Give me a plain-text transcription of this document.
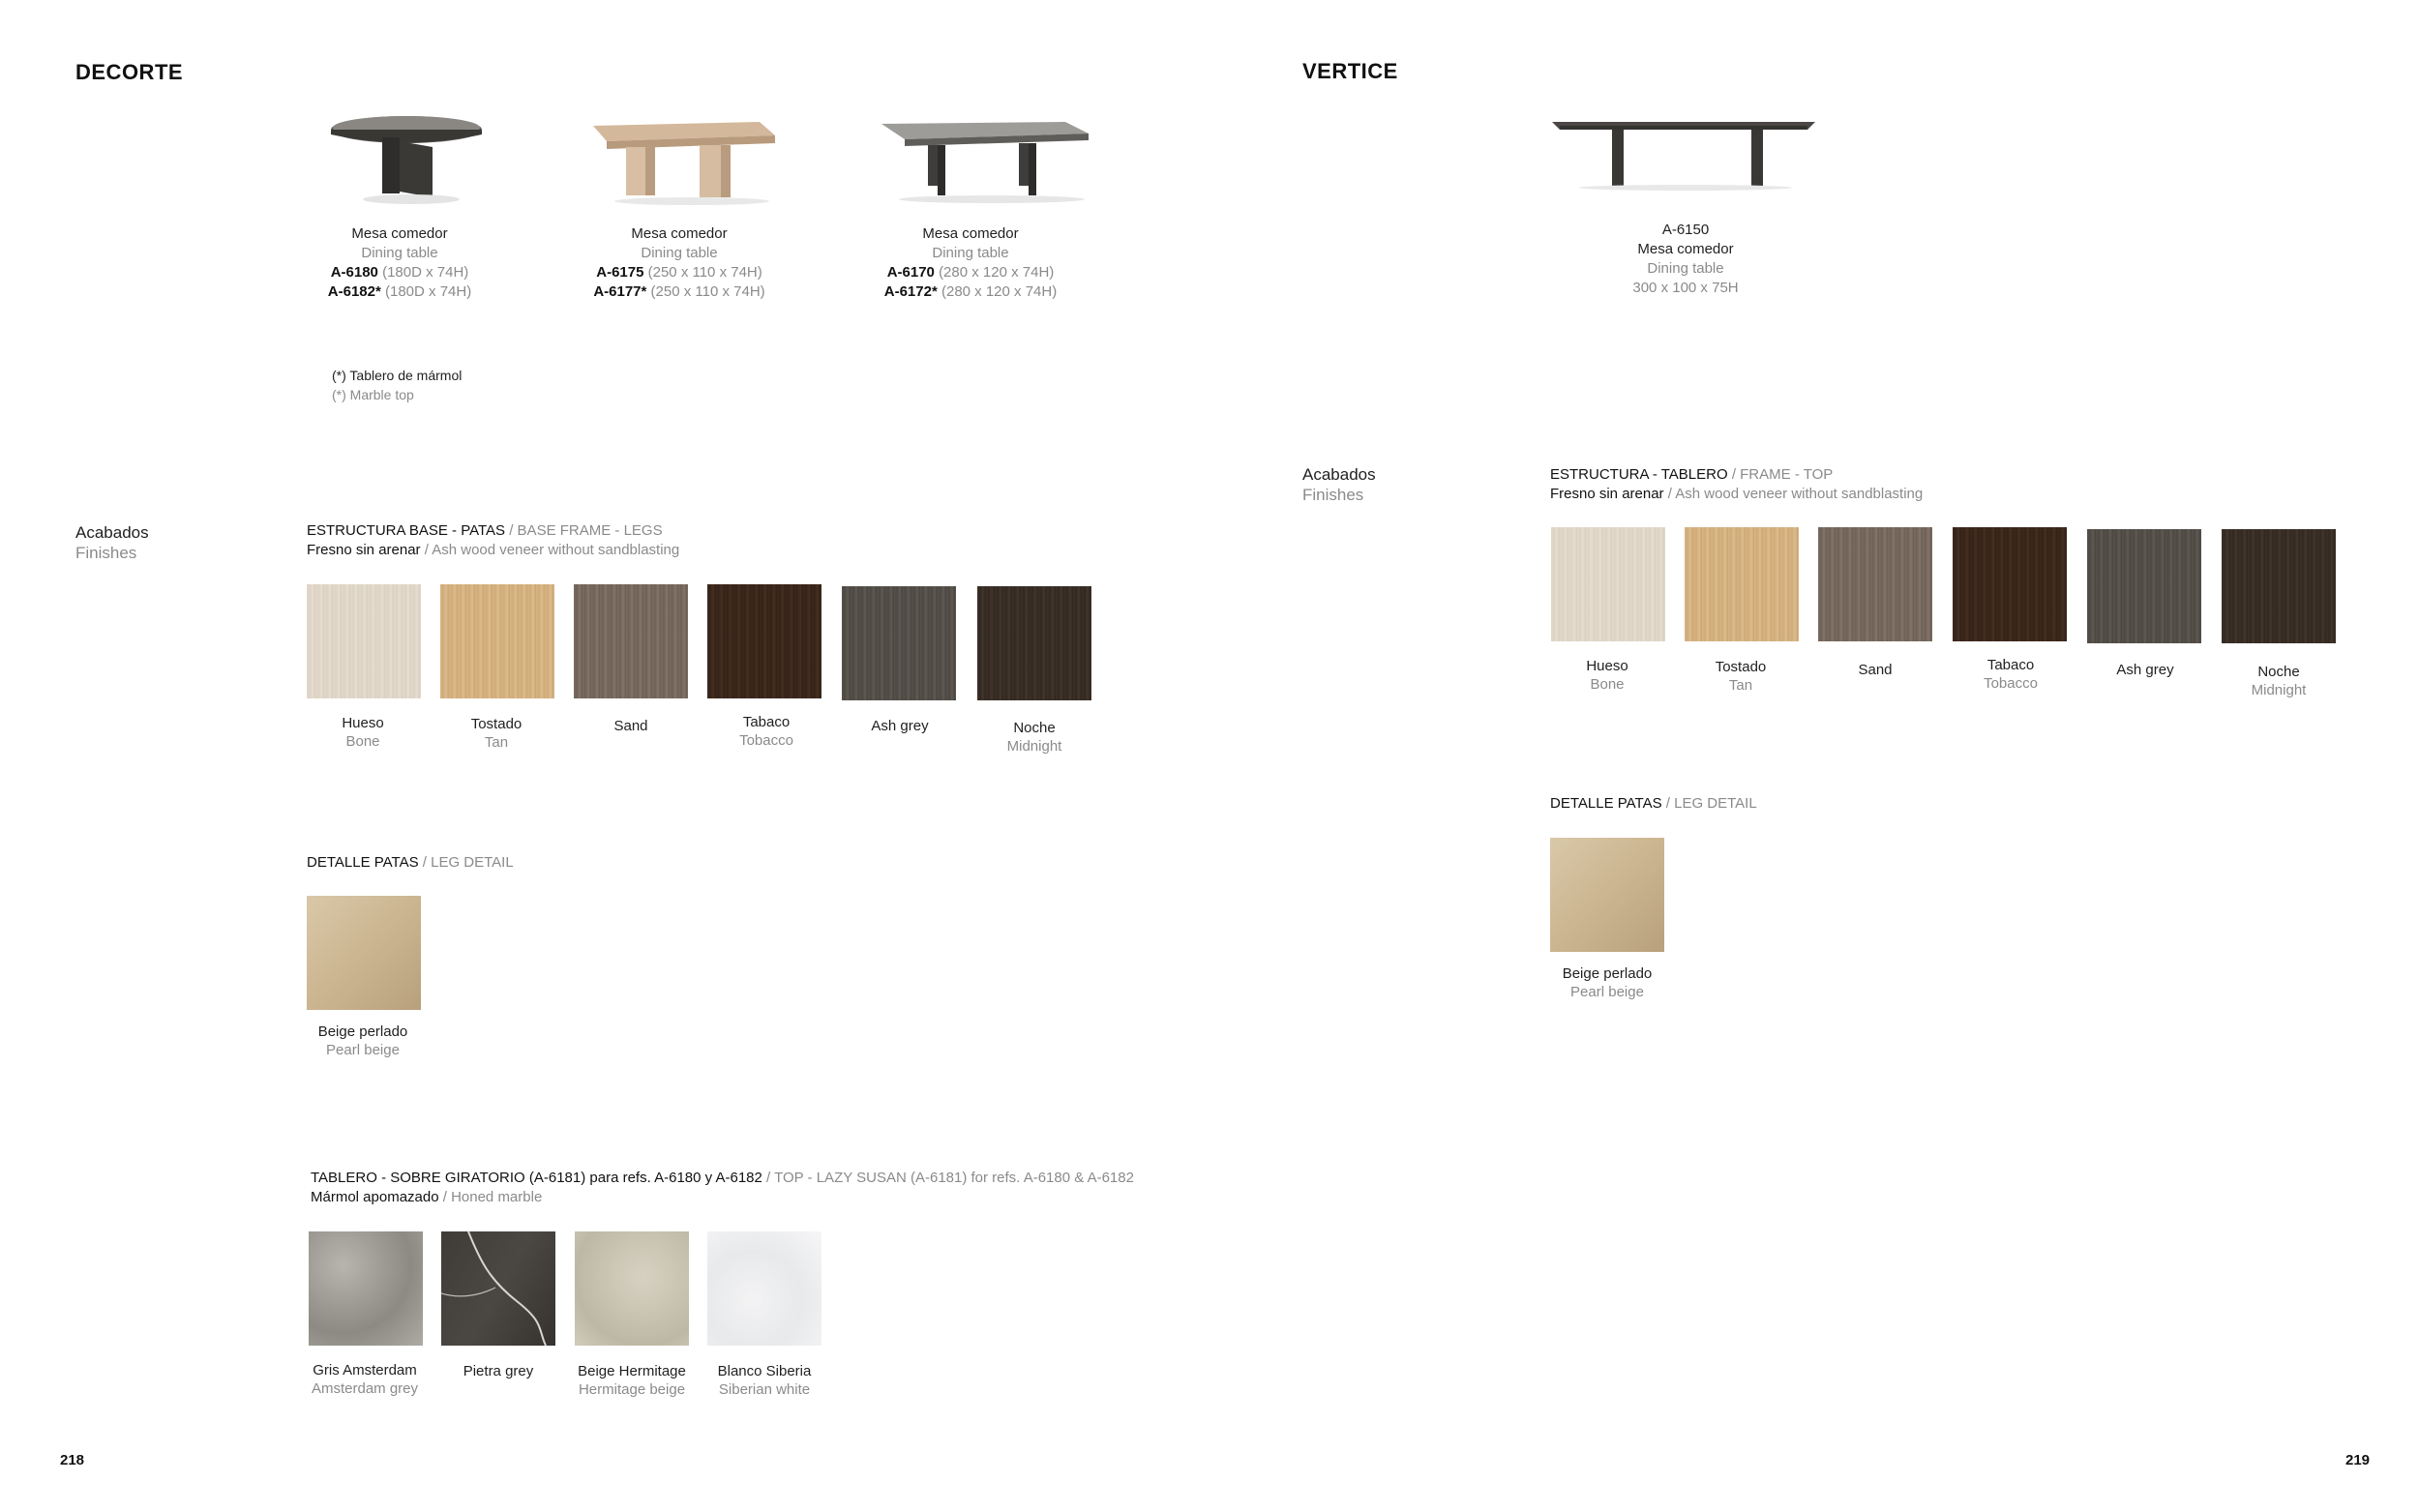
DECORTE
Mesa comedor
Dining table
A-6180 (180D x 74H)
A-6182* (180D x 74H)
Mesa comedor
Dining table
A-6175 (250 x 110 x 74H)
A-6177* (250 x 110 x 74H)
Mesa comedor
Dining table
A-6170 (280 x 120 x 74H)
A-6172* (280 x 120 x 74H)
(*) Tablero de mármol
(*) Marble top
Acabados
Finishes
ESTRUCTURA BASE - PATAS / BASE FRAME - LEGS
Fresno sin arenar / Ash wood veneer without sandblasting
Hueso
Bone
Tostado
Tan
Sand	Tabaco
Tobacco
Ash grey	Noche
Midnight
DETALLE PATAS / LEG DETAIL
Beige perlado
Pearl beige
TABLERO - SOBRE GIRATORIO (A-6181) para refs. A-6180 y A-6182 / TOP - LAZY SUSAN (A-6181) for refs. A-6180 & A-6182
Mármol apomazado / Honed marble
Gris Amsterdam
Amsterdam grey
Pietra grey	Beige Hermitage
Hermitage beige
Blanco Siberia
Siberian white
218
VERTICE
A-6150
Mesa comedor
Dining table
300 x 100 x 75H
Acabados
Finishes
ESTRUCTURA - TABLERO / FRAME - TOP
Fresno sin arenar / Ash wood veneer without sandblasting
Hueso
Bone
Tostado
Tan
Sand	Tabaco
Tobacco
Ash grey	Noche
Midnight
DETALLE PATAS / LEG DETAIL
Beige perlado
Pearl beige
219
